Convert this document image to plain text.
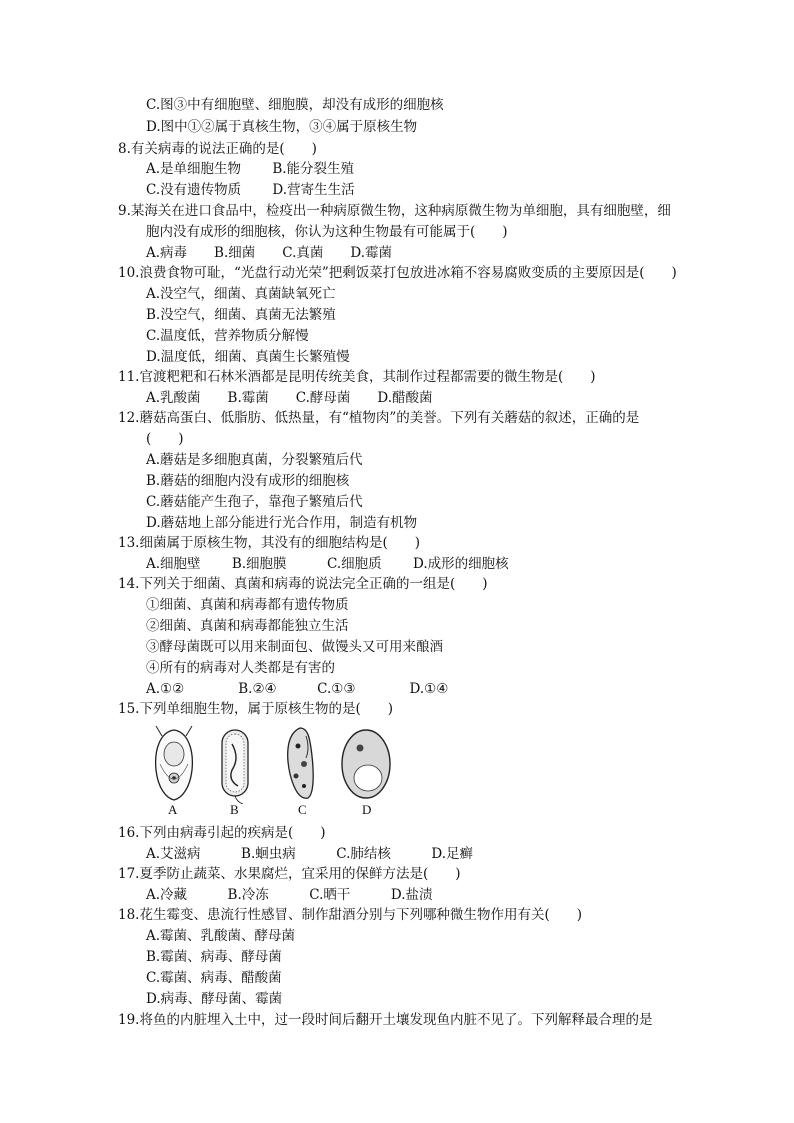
C.图③中有细胞壁、细胞膜，却没有成形的细胞核
D.图中①②属于真核生物，③④属于原核生物
8.有关病毒的说法正确的是(　　)
A.是单细胞生物　　 B.能分裂生殖
C.没有遗传物质　　 D.营寄生生活
9.某海关在进口食品中，检疫出一种病原微生物，这种病原微生物为单细胞，具有细胞壁，细
胞内没有成形的细胞核，你认为这种生物最有可能属于(　　)
A.病毒　　B.细菌　　C.真菌　　D.霉菌
10.浪费食物可耻，“光盘行动光荣”把剩饭菜打包放进冰箱不容易腐败变质的主要原因是(　　)
A.没空气，细菌、真菌缺氧死亡
B.没空气，细菌、真菌无法繁殖
C.温度低，营养物质分解慢
D.温度低，细菌、真菌生长繁殖慢
11.官渡粑粑和石林米酒都是昆明传统美食，其制作过程都需要的微生物是(　　)
A.乳酸菌　　B.霉菌　　C.酵母菌　　D.醋酸菌
12.蘑菇高蛋白、低脂肪、低热量，有“植物肉”的美誉。下列有关蘑菇的叙述，正确的是
(　　)
A.蘑菇是多细胞真菌，分裂繁殖后代
B.蘑菇的细胞内没有成形的细胞核
C.蘑菇能产生孢子，靠孢子繁殖后代
D.蘑菇地上部分能进行光合作用，制造有机物
13.细菌属于原核生物，其没有的细胞结构是(　　)
A.细胞壁　　 B.细胞膜　　　C.细胞质　　 D.成形的细胞核
14.下列关于细菌、真菌和病毒的说法完全正确的一组是(　　)
①细菌、真菌和病毒都有遗传物质
②细菌、真菌和病毒都能独立生活
③酵母菌既可以用来制面包、做馒头又可用来酿酒
④所有的病毒对人类都是有害的
A.①②　　　　B.②④　　　C.①③　　　　D.①④
15.下列单细胞生物，属于原核生物的是(　　)
16.下列由病毒引起的疾病是(　　)
A.艾滋病　　　B.蛔虫病　　　C.肺结核　　　D.足癣
17.夏季防止蔬菜、水果腐烂，宜采用的保鲜方法是(　　)
A.冷藏　　　B.冷冻　　　C.晒干　　　D.盐渍
18.花生霉变、患流行性感冒、制作甜酒分别与下列哪种微生物作用有关(　　)
A.霉菌、乳酸菌、酵母菌
B.霉菌、病毒、酵母菌
C.霉菌、病毒、醋酸菌
D.病毒、酵母菌、霉菌
19.将鱼的内脏埋入土中，过一段时间后翻开土壤发现鱼内脏不见了。下列解释最合理的是
A	B	C	D
